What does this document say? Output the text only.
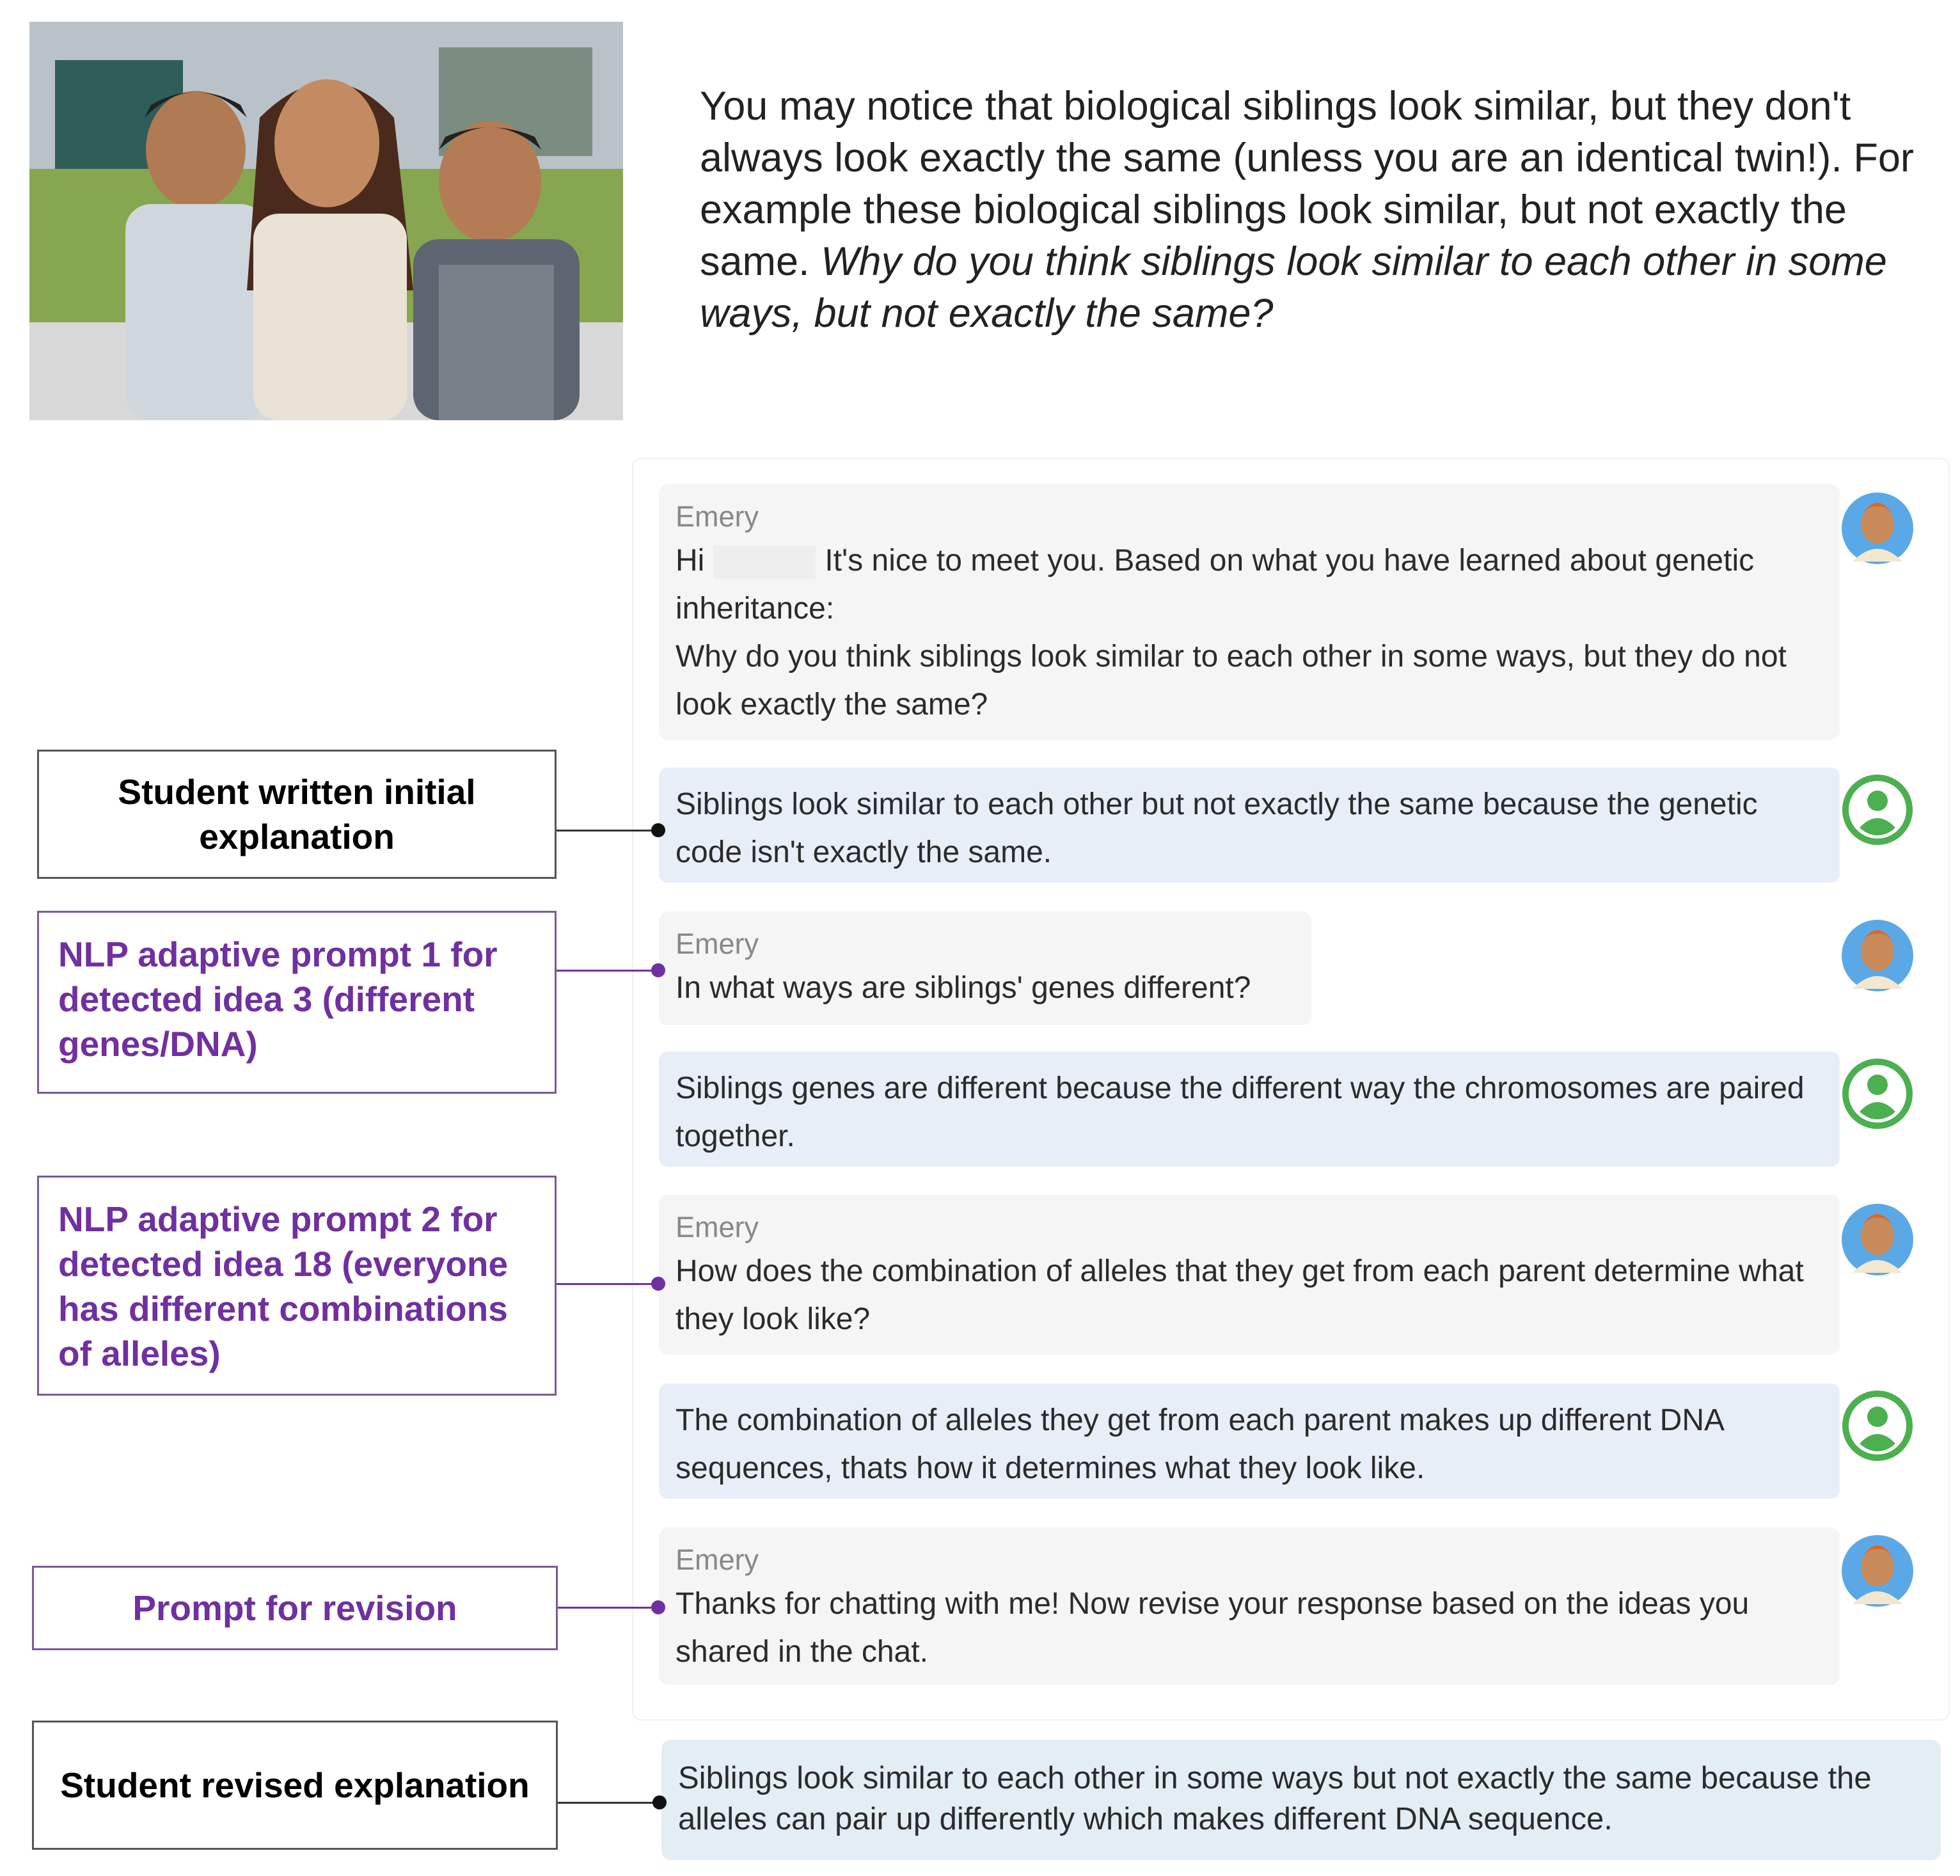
You may notice that biological siblings look similar, but they don't always look exactly the same (unless you are an identical twin!). For example these biological siblings look similar, but not exactly the same. Why do you think siblings look similar to each other in some ways, but not exactly the same?
Emery
Hi	It's nice to meet you. Based on what you have learned about genetic inheritance:
Why do you think siblings look similar to each other in some ways, but they do not look exactly the same?
Siblings look similar to each other but not exactly the same because the genetic code isn't exactly the same.
Emery
In what ways are siblings' genes different?
Siblings genes are different because the different way the chromosomes are paired together.
Emery
How does the combination of alleles that they get from each parent determine what they look like?
The combination of alleles they get from each parent makes up different DNA sequences, thats how it determines what they look like.
Emery
Thanks for chatting with me! Now revise your response based on the ideas you shared in the chat.
Siblings look similar to each other in some ways but not exactly the same because the alleles can pair up differently which makes different DNA sequence.
Student written initial explanation
NLP adaptive prompt 1 for detected idea 3 (different genes/DNA)
NLP adaptive prompt 2 for detected idea 18 (everyone has different combinations of alleles)
Prompt for revision
Student revised explanation
